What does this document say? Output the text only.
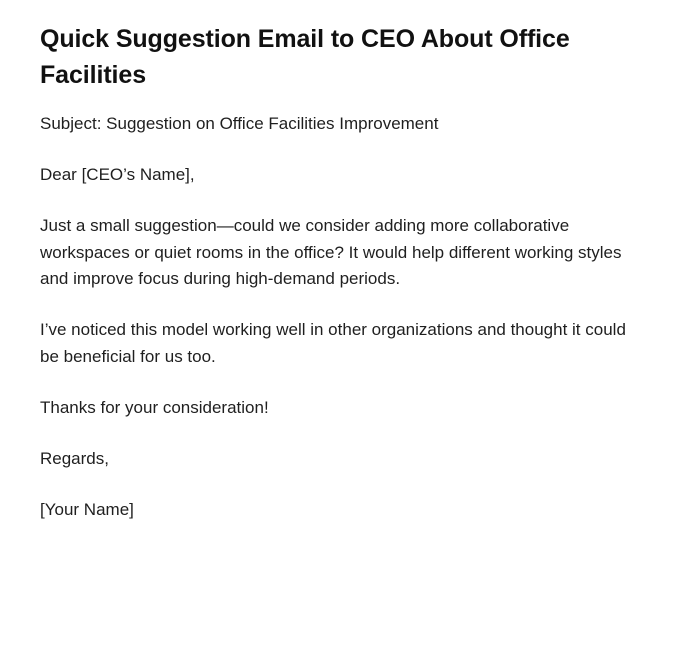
Quick Suggestion Email to CEO About Office Facilities

Subject: Suggestion on Office Facilities Improvement

Dear [CEO’s Name],

Just a small suggestion—could we consider adding more collaborative workspaces or quiet rooms in the office? It would help different working styles and improve focus during high-demand periods.

I’ve noticed this model working well in other organizations and thought it could be beneficial for us too.

Thanks for your consideration!

Regards,

[Your Name]
